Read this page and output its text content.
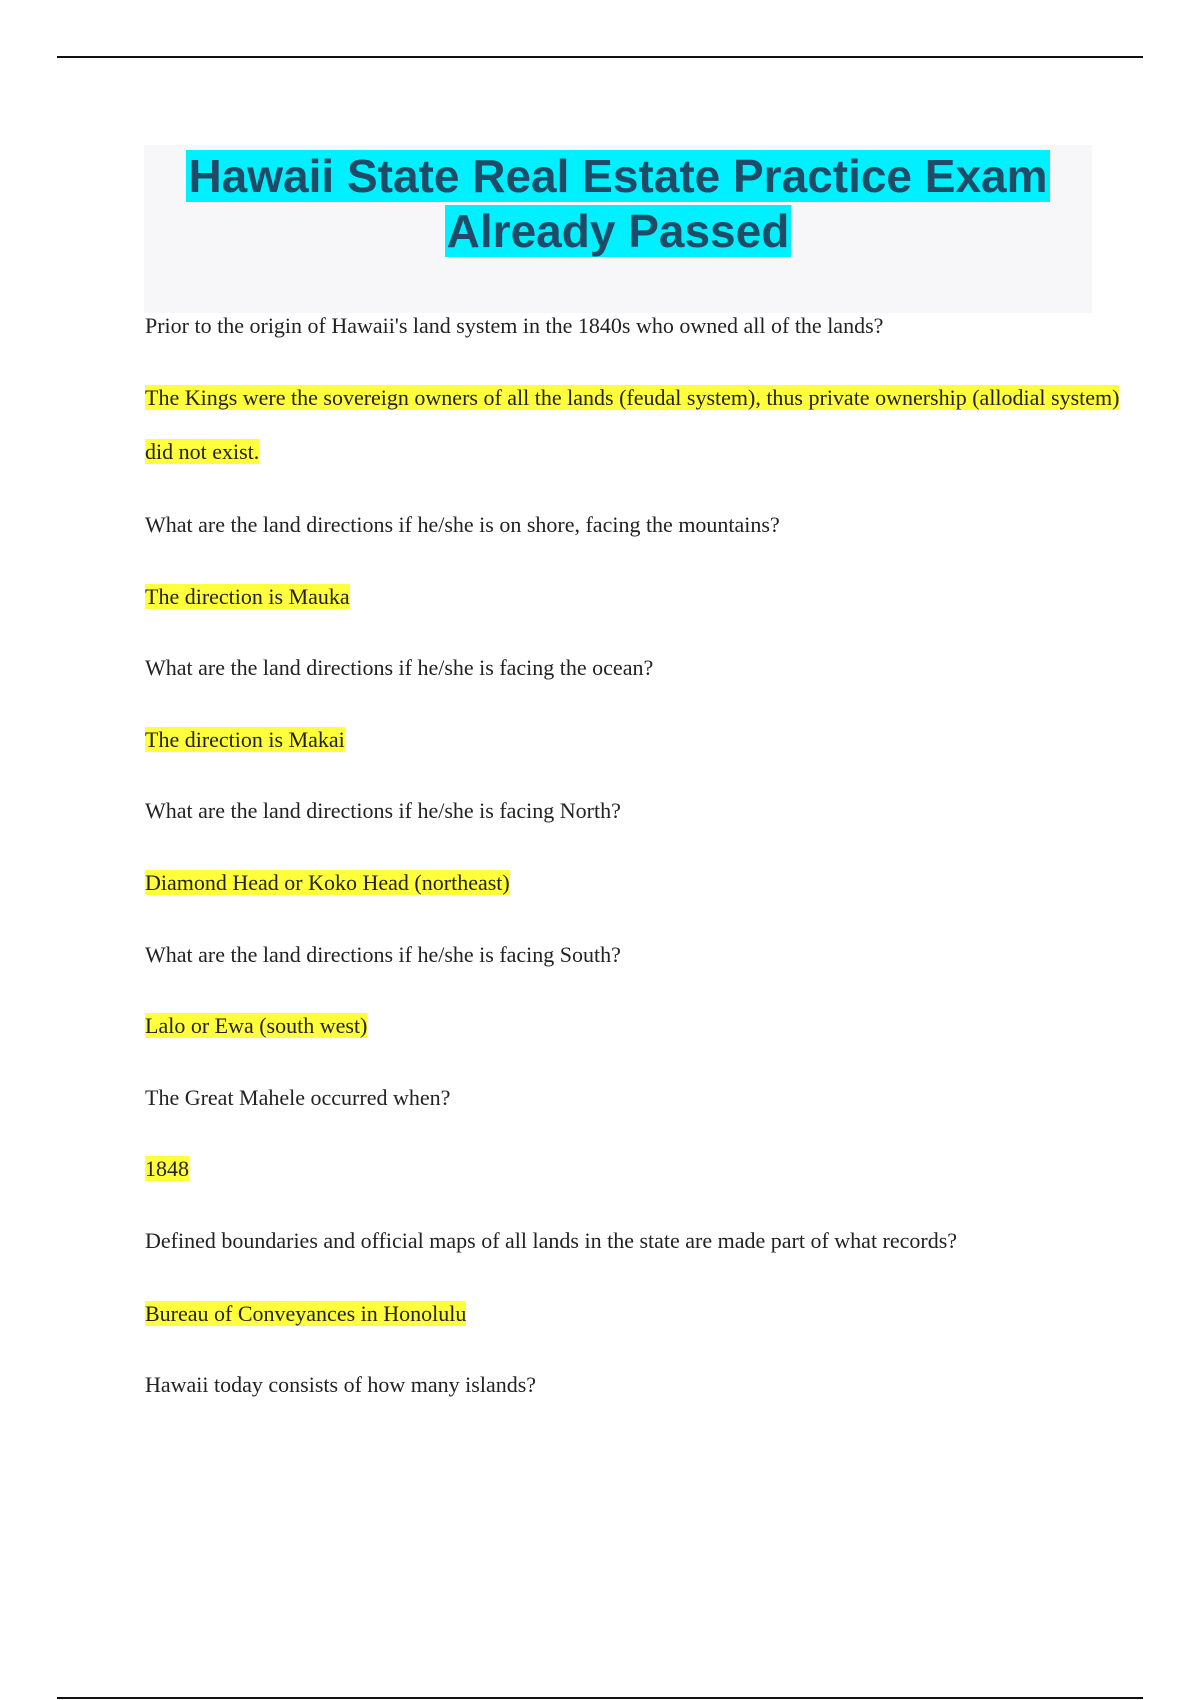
Hawaii State Real Estate Practice Exam
Already Passed

Prior to the origin of Hawaii's land system in the 1840s who owned all of the lands?

The Kings were the sovereign owners of all the lands (feudal system), thus private ownership (allodial system) did not exist.

What are the land directions if he/she is on shore, facing the mountains?

The direction is Mauka

What are the land directions if he/she is facing the ocean?

The direction is Makai

What are the land directions if he/she is facing North?

Diamond Head or Koko Head (northeast)

What are the land directions if he/she is facing South?

Lalo or Ewa (south west)

The Great Mahele occurred when?

1848

Defined boundaries and official maps of all lands in the state are made part of what records?

Bureau of Conveyances in Honolulu

Hawaii today consists of how many islands?
